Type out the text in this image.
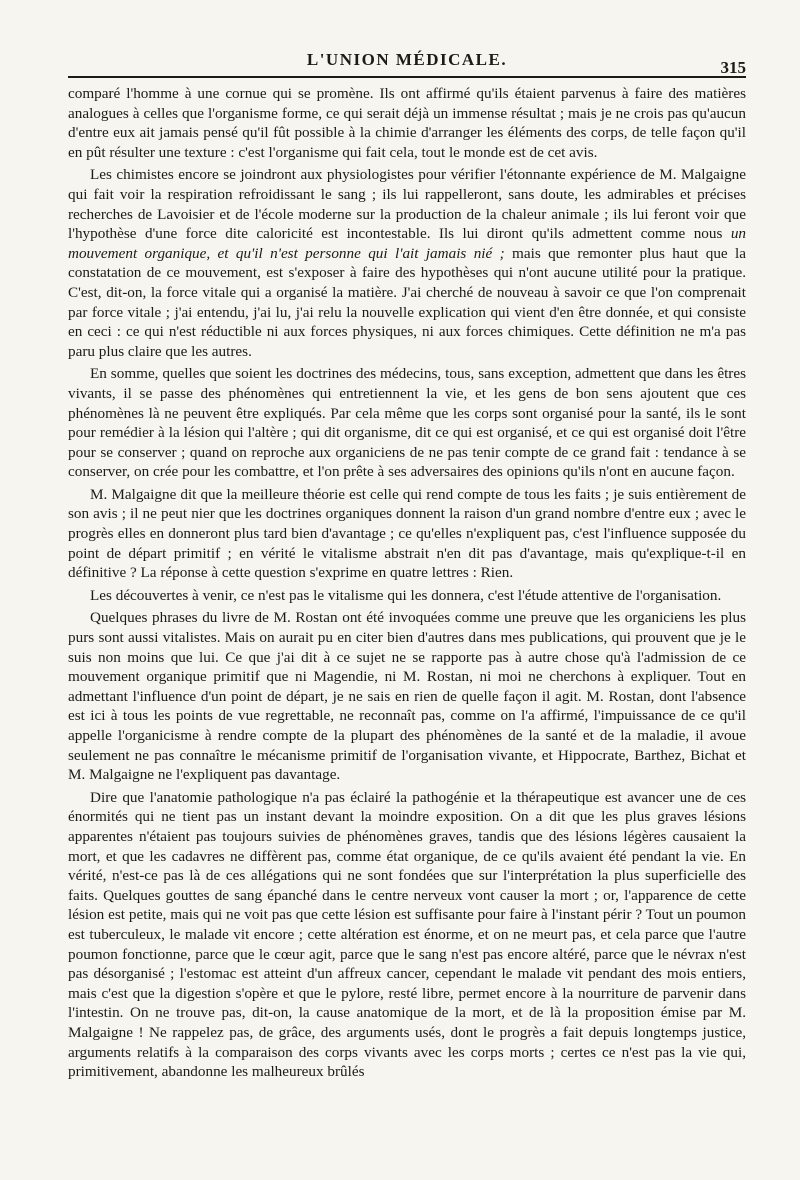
L'UNION MÉDICALE.	315

comparé l'homme à une cornue qui se promène. Ils ont affirmé qu'ils étaient parvenus à faire des matières analogues à celles que l'organisme forme, ce qui serait déjà un immense résultat ; mais je ne crois pas qu'aucun d'entre eux ait jamais pensé qu'il fût possible à la chimie d'arranger les éléments des corps, de telle façon qu'il en pût résulter une texture : c'est l'organisme qui fait cela, tout le monde est de cet avis.

Les chimistes encore se joindront aux physiologistes pour vérifier l'étonnante expérience de M. Malgaigne qui fait voir la respiration refroidissant le sang ; ils lui rappelleront, sans doute, les admirables et précises recherches de Lavoisier et de l'école moderne sur la production de la chaleur animale ; ils lui feront voir que l'hypothèse d'une force dite caloricité est incontestable. Ils lui diront qu'ils admettent comme nous un mouvement organique, et qu'il n'est personne qui l'ait jamais nié ; mais que remonter plus haut que la constatation de ce mouvement, est s'exposer à faire des hypothèses qui n'ont aucune utilité pour la pratique. C'est, dit-on, la force vitale qui a organisé la matière. J'ai cherché de nouveau à savoir ce que l'on comprenait par force vitale ; j'ai entendu, j'ai lu, j'ai relu la nouvelle explication qui vient d'en être donnée, et qui consiste en ceci : ce qui n'est réductible ni aux forces physiques, ni aux forces chimiques. Cette définition ne m'a pas paru plus claire que les autres.

En somme, quelles que soient les doctrines des médecins, tous, sans exception, admettent que dans les êtres vivants, il se passe des phénomènes qui entretiennent la vie, et les gens de bon sens ajoutent que ces phénomènes là ne peuvent être expliqués. Par cela même que les corps sont organisé pour la santé, ils le sont pour remédier à la lésion qui l'altère ; qui dit organisme, dit ce qui est organisé, et ce qui est organisé doit l'être pour se conserver ; quand on reproche aux organiciens de ne pas tenir compte de ce grand fait : tendance à se conserver, on crée pour les combattre, et l'on prête à ses adversaires des opinions qu'ils n'ont en aucune façon.

M. Malgaigne dit que la meilleure théorie est celle qui rend compte de tous les faits ; je suis entièrement de son avis ; il ne peut nier que les doctrines organiques donnent la raison d'un grand nombre d'entre eux ; avec le progrès elles en donneront plus tard bien d'avantage ; ce qu'elles n'expliquent pas, c'est l'influence supposée du point de départ primitif ; en vérité le vitalisme abstrait n'en dit pas d'avantage, mais qu'explique-t-il en définitive ? La réponse à cette question s'exprime en quatre lettres : Rien.

Les découvertes à venir, ce n'est pas le vitalisme qui les donnera, c'est l'étude attentive de l'organisation.

Quelques phrases du livre de M. Rostan ont été invoquées comme une preuve que les organiciens les plus purs sont aussi vitalistes. Mais on aurait pu en citer bien d'autres dans mes publications, qui prouvent que je le suis non moins que lui. Ce que j'ai dit à ce sujet ne se rapporte pas à autre chose qu'à l'admission de ce mouvement organique primitif que ni Magendie, ni M. Rostan, ni moi ne cherchons à expliquer. Tout en admettant l'influence d'un point de départ, je ne sais en rien de quelle façon il agit. M. Rostan, dont l'absence est ici à tous les points de vue regrettable, ne reconnaît pas, comme on l'a affirmé, l'impuissance de ce qu'il appelle l'organicisme à rendre compte de la plupart des phénomènes de la santé et de la maladie, il avoue seulement ne pas connaître le mécanisme primitif de l'organisation vivante, et Hippocrate, Barthez, Bichat et M. Malgaigne ne l'expliquent pas davantage.

Dire que l'anatomie pathologique n'a pas éclairé la pathogénie et la thérapeutique est avancer une de ces énormités qui ne tient pas un instant devant la moindre exposition. On a dit que les plus graves lésions apparentes n'étaient pas toujours suivies de phénomènes graves, tandis que des lésions légères causaient la mort, et que les cadavres ne diffèrent pas, comme état organique, de ce qu'ils avaient été pendant la vie. En vérité, n'est-ce pas là de ces allégations qui ne sont fondées que sur l'interprétation la plus superficielle des faits. Quelques gouttes de sang épanché dans le centre nerveux vont causer la mort ; or, l'apparence de cette lésion est petite, mais qui ne voit pas que cette lésion est suffisante pour faire à l'instant périr ? Tout un poumon est tuberculeux, le malade vit encore ; cette altération est énorme, et on ne meurt pas, et cela parce que l'autre poumon fonctionne, parce que le cœur agit, parce que le sang n'est pas encore altéré, parce que le névrax n'est pas désorganisé ; l'estomac est atteint d'un affreux cancer, cependant le malade vit pendant des mois entiers, mais c'est que la digestion s'opère et que le pylore, resté libre, permet encore à la nourriture de parvenir dans l'intestin. On ne trouve pas, dit-on, la cause anatomique de la mort, et de là la proposition émise par M. Malgaigne ! Ne rappelez pas, de grâce, des arguments usés, dont le progrès a fait depuis longtemps justice, arguments relatifs à la comparaison des corps vivants avec les corps morts ; certes ce n'est pas la vie qui, primitivement, abandonne les malheureux brûlés
